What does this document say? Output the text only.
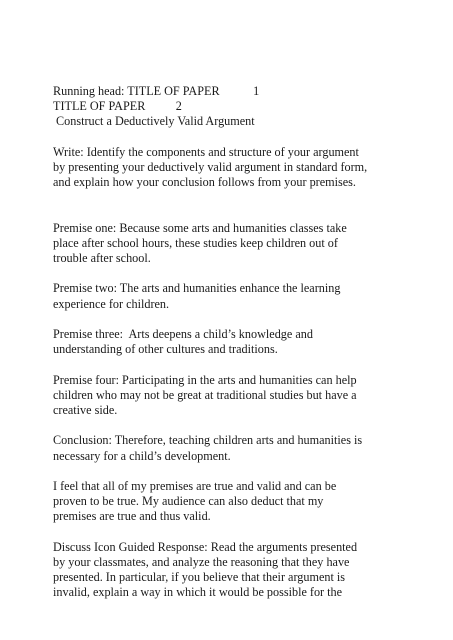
Running head: TITLE OF PAPER           1
TITLE OF PAPER          2
Construct a Deductively Valid Argument
Write: Identify the components and structure of your argument
by presenting your deductively valid argument in standard form,
and explain how your conclusion follows from your premises.
Premise one: Because some arts and humanities classes take
place after school hours, these studies keep children out of
trouble after school.
Premise two: The arts and humanities enhance the learning
experience for children.
Premise three:  Arts deepens a child’s knowledge and
understanding of other cultures and traditions.
Premise four: Participating in the arts and humanities can help
children who may not be great at traditional studies but have a
creative side.
Conclusion: Therefore, teaching children arts and humanities is
necessary for a child’s development.
I feel that all of my premises are true and valid and can be
proven to be true. My audience can also deduct that my
premises are true and thus valid.
Discuss Icon Guided Response: Read the arguments presented
by your classmates, and analyze the reasoning that they have
presented. In particular, if you believe that their argument is
invalid, explain a way in which it would be possible for the
